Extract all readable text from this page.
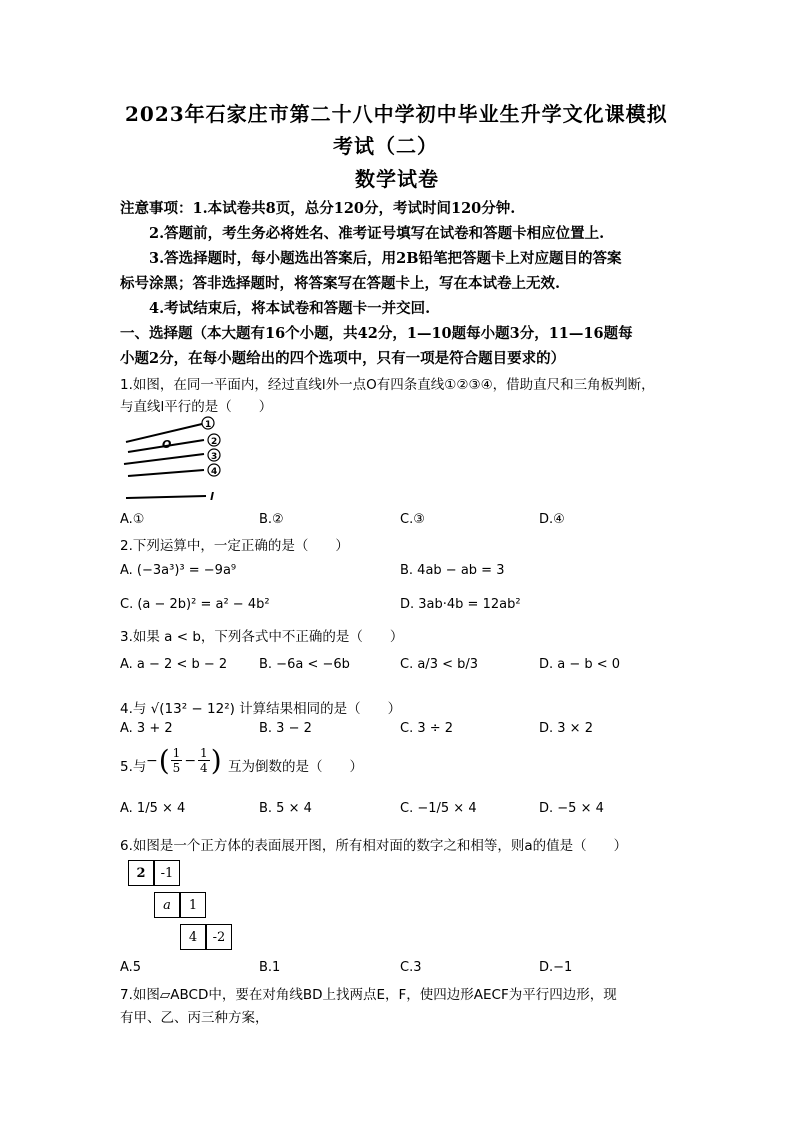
2023年石家庄市第二十八中学初中毕业生升学文化课模拟
考试（二）
数学试卷
注意事项：1.本试卷共8页，总分120分，考试时间120分钟.
2.答题前，考生务必将姓名、准考证号填写在试卷和答题卡相应位置上.
3.答选择题时，每小题选出答案后，用2B铅笔把答题卡上对应题目的答案
标号涂黑；答非选择题时，将答案写在答题卡上，写在本试卷上无效.
4.考试结束后，将本试卷和答题卡一并交回.
一、选择题（本大题有16个小题，共42分，1—10题每小题3分，11—16题每
小题2分，在每小题给出的四个选项中，只有一项是符合题目要求的）
1.如图，在同一平面内，经过直线l外一点O有四条直线①②③④，借助直尺和三角板判断，
与直线l平行的是（　　）
O
1
2
3
4
l
A.①	B.②	C.③	D.④
2.下列运算中，一定正确的是（　　）
A. (−3a³)³ = −9a⁹	B. 4ab − ab = 3
C. (a − 2b)² = a² − 4b²	D. 3ab·4b = 12ab²
3.如果 a < b，下列各式中不正确的是（　　）
A. a − 2 < b − 2 B. −6a < −6b	C. a/3 < b/3	D. a − b < 0
4.与 √(13² − 12²) 计算结果相同的是（　　）
A. 3 + 2	B. 3 − 2	C. 3 ÷ 2	D. 3 × 2
5.与 − ( 1
$5 - \frac{1}{4}$ ) 互为倒数的是（　　）
A. 1/5 × 4	B. 5 × 4	C. −1/5 × 4	D. −5 × 4
6.如图是一个正方体的表面展开图，所有相对面的数字之和相等，则a的值是（　　）
2	-1
a	1
4	-2
A.5	B.1	C.3	D.−1
7.如图▱ABCD中，要在对角线BD上找两点E，F，使四边形AECF为平行四边形，现
有甲、乙、丙三种方案，
